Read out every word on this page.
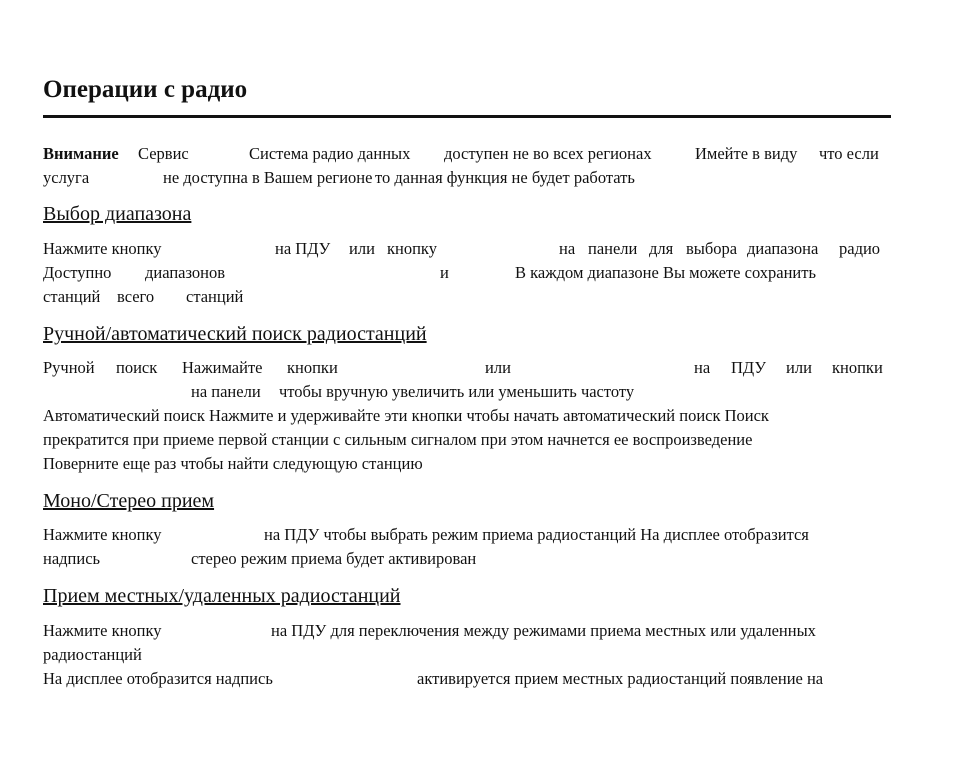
Операции с радио
Внимание Сервис	Система радио данных доступен не во всех регионах	Имейте в виду что если
услуга	не доступна в Вашем регионе то данная функция не будет работать
Выбор диапазона
Нажмите кнопку	на ПДУ или кнопку	на панели для выбора диапазона радио
Доступно диапазонов	и	В каждом диапазоне Вы можете сохранить
станций всего станций
Ручной/автоматический поиск радиостанций
Ручной поиск Нажимайте кнопки	или	на ПДУ или кнопки
на панели чтобы вручную увеличить или уменьшить частоту
Автоматический поиск Нажмите и удерживайте эти кнопки чтобы начать автоматический поиск Поиск
прекратится при приеме первой станции с сильным сигналом при этом начнется ее воспроизведение
Поверните еще раз чтобы найти следующую станцию
Моно/Стерео прием
Нажмите кнопку	на ПДУ чтобы выбрать режим приема радиостанций На дисплее отобразится
надпись	стерео режим приема будет активирован
Прием местных/удаленных радиостанций
Нажмите кнопку	на ПДУ для переключения между режимами приема местных или удаленных
радиостанций
На дисплее отобразится надпись	активируется прием местных радиостанций появление на
